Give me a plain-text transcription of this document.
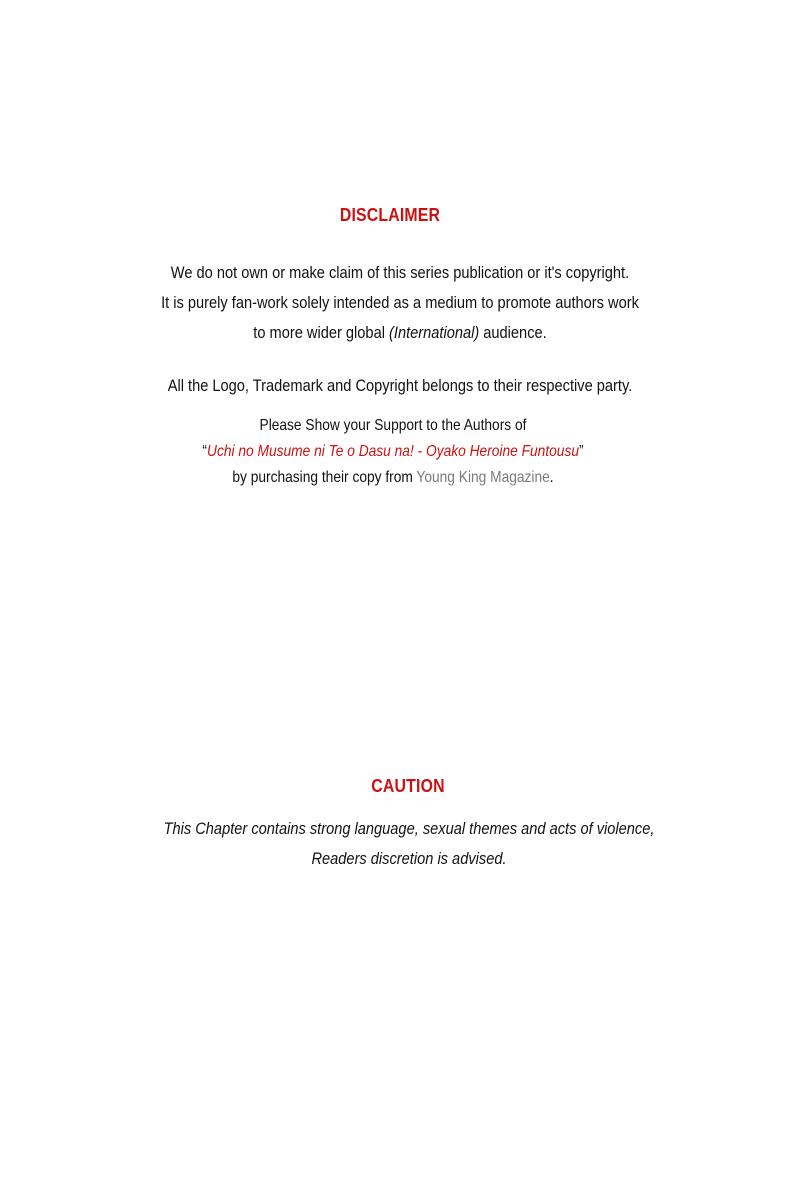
DISCLAIMER
We do not own or make claim of this series publication or it's copyright.
It is purely fan-work solely intended as a medium to promote authors work
to more wider global (International) audience.
All the Logo, Trademark and Copyright belongs to their respective party.
Please Show your Support to the Authors of
“Uchi no Musume ni Te o Dasu na! - Oyako Heroine Funtousu”
by purchasing their copy from Young King Magazine.
CAUTION
This Chapter contains strong language, sexual themes and acts of violence,
Readers discretion is advised.
